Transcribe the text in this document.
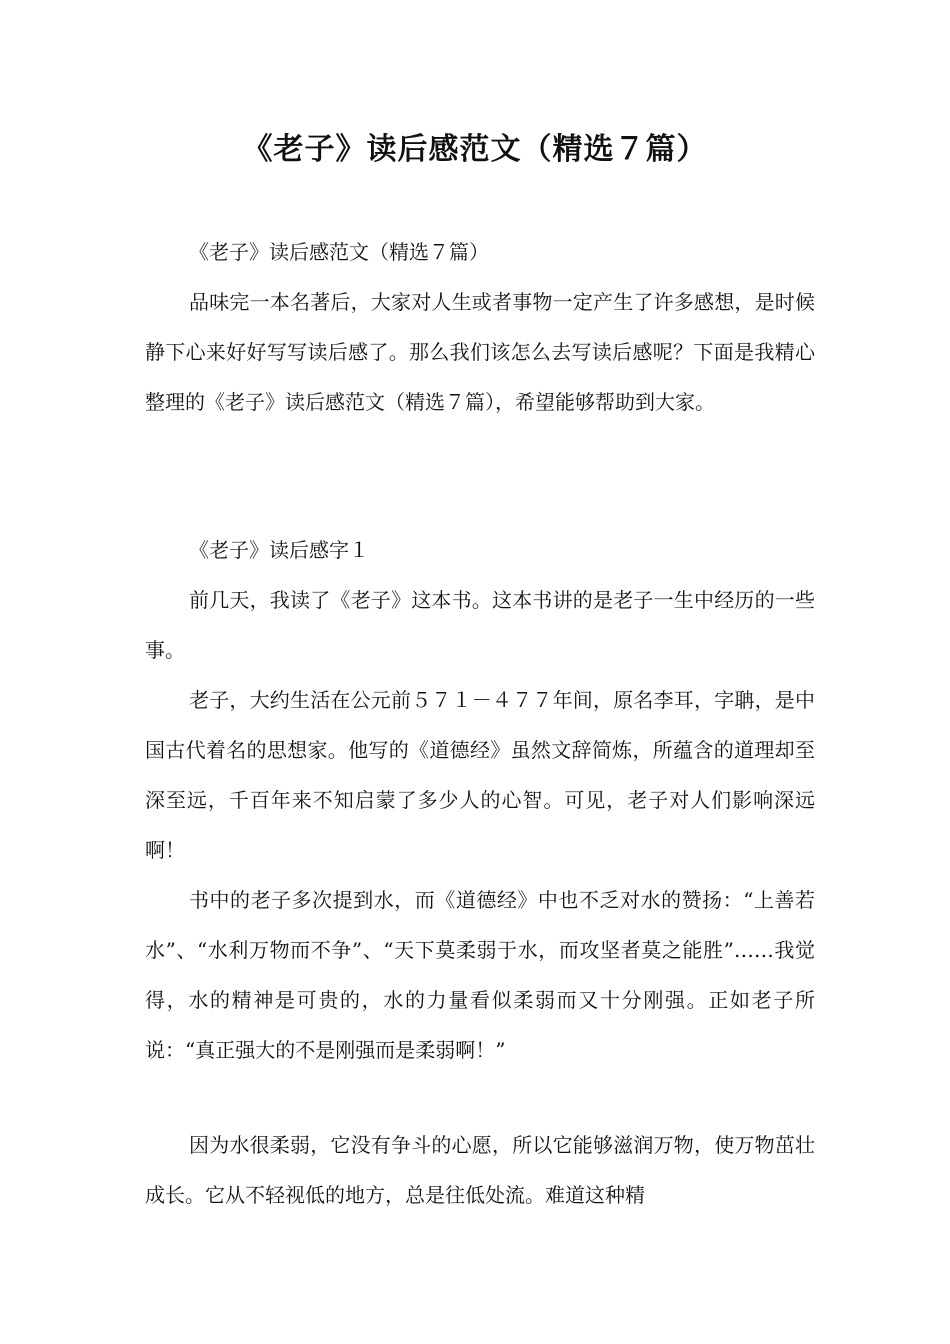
《老子》读后感范文（精选７篇）

《老子》读后感范文（精选７篇）

品味完一本名著后，大家对人生或者事物一定产生了许多感想，是时候静下心来好好写写读后感了。那么我们该怎么去写读后感呢？下面是我精心整理的《老子》读后感范文（精选７篇），希望能够帮助到大家。

《老子》读后感字１

前几天，我读了《老子》这本书。这本书讲的是老子一生中经历的一些事。

老子，大约生活在公元前５７１－４７７年间，原名李耳，字聃，是中国古代着名的思想家。他写的《道德经》虽然文辞简炼，所蕴含的道理却至深至远，千百年来不知启蒙了多少人的心智。可见，老子对人们影响深远啊！

书中的老子多次提到水，而《道德经》中也不乏对水的赞扬：“上善若水”、“水利万物而不争”、“天下莫柔弱于水，而攻坚者莫之能胜”……我觉得，水的精神是可贵的，水的力量看似柔弱而又十分刚强。正如老子所说：“真正强大的不是刚强而是柔弱啊！”

因为水很柔弱，它没有争斗的心愿，所以它能够滋润万物，使万物茁壮成长。它从不轻视低的地方，总是往低处流。难道这种精
